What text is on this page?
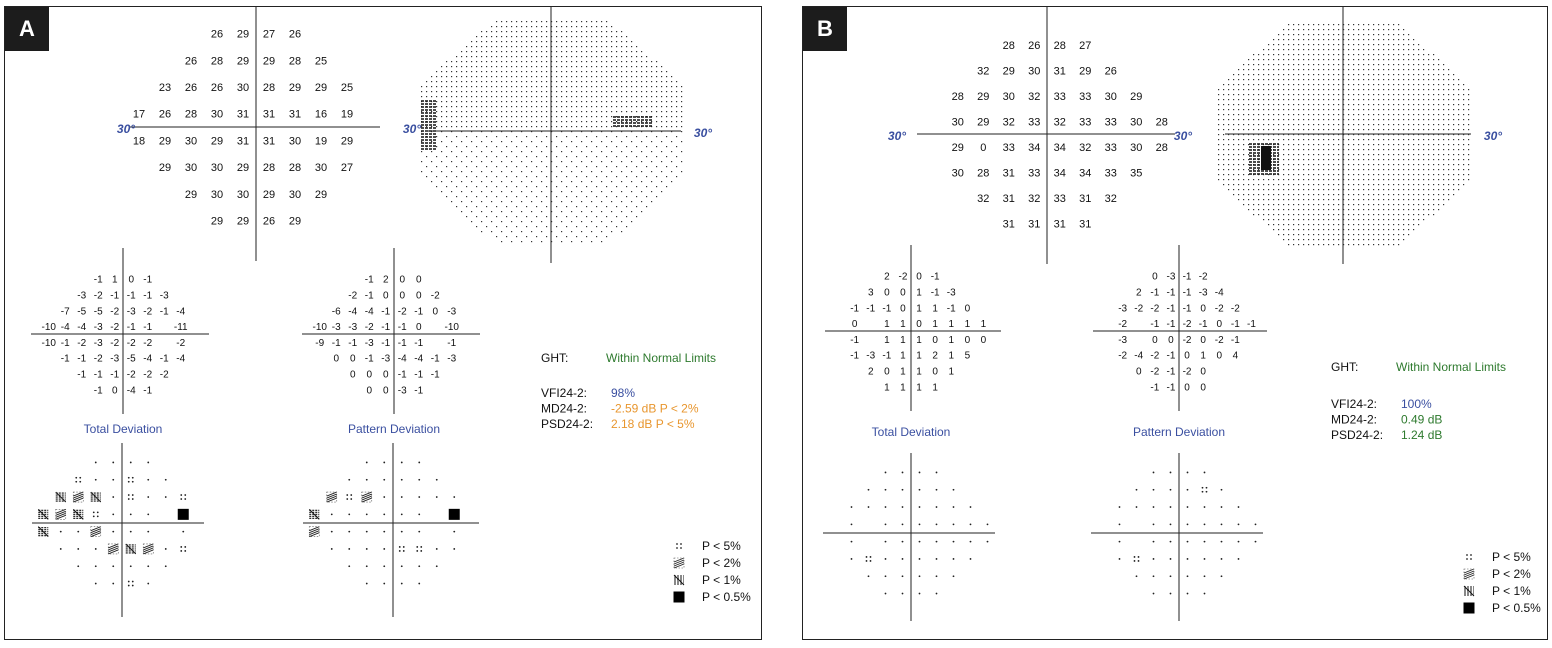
A	26 29 27 26
26 28 29 29 28 25
23 26 26 30 28 29 29 25
17 26 28 30 31 31 31 16 19
18 29 30 29 31 31 30 19 29
29 30 30 29 28 28 30 27
29 30 30 29 30 29
29 29 26 29
30°	30°	30°
-1 1 0 -1
-3 -2 -1 -1 -1 -3
-7 -5 -5 -2 -3 -2 -1 -4
-10 -4 -4 -3 -2 -1 -1 -11
-10 -1 -2 -3 -2 -2 -2 -2
-1 -1 -2 -3 -5 -4 -1 -4
-1 -1 -1 -2 -2 -2
-1 0 -4 -1
-1 2 0 0
-2 -1 0 0 0 -2
-6 -4 -4 -1 -2 -1 0 -3
-10 -3 -3 -2 -1 -1 0 -10
-9 -1 -1 -3 -1 -1 -1 -1
0 0 -1 -3 -4 -4 -1 -3
0 0 0 -1 -1 -1
0 0 -3 -1
Total Deviation	Pattern Deviation
GHT:	Within Normal Limits
VFI24-2: 98%
MD24-2: -2.59 dB P < 2%
PSD24-2: 2.18 dB P < 5%
P < 5%
P < 2%
P < 1%
P < 0.5%
B
28 26 28 27
32 29 30 31 29 26
28 29 30 32 33 33 30 29
30 29 32 33 32 33 33 30 28
29 0 33 34 34 32 33 30 28
30 28 31 33 34 34 33 35
32 31 32 33 31 32
31 31 31 31
30°	30°	30°
2 -2 0 -1
3 0 0 1 -1 -3
-1 -1 -1 0 1 1 -1 0
0	1 1 0 1 1 1 1
-1 1 1 1 0 1 0 0
-1 -3 -1 1 1 2 1 5
2 0 1 1 0 1
1 1 1 1
0 -3 -1 -2
2 -1 -1 -1 -3 -4
-3 -2 -2 -1 -1 0 -2 -2
-2 -1 -1 -2 -1 0 -1 -1
-3 0 0 -2 0 -2 -1
-2 -4 -2 -1 0 1 0 4
0 -2 -1 -2 0
-1 -1 0 0
Total Deviation	Pattern Deviation
GHT:	Within Normal Limits
VFI24-2: 100%
MD24-2: 0.49 dB
PSD24-2: 1.24 dB
P < 5%
P < 2%
P < 1%
P < 0.5%
